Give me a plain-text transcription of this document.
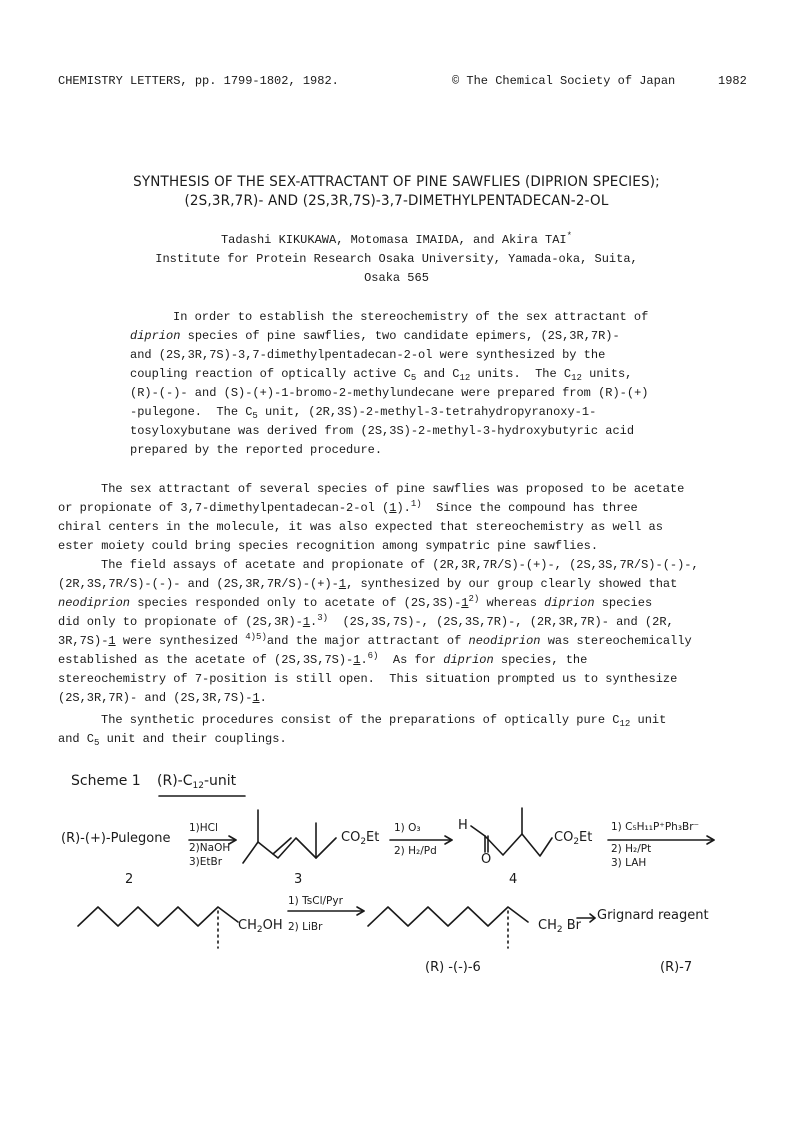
CHEMISTRY LETTERS, pp. 1799-1802, 1982.	© The Chemical Society of Japan	1982
SYNTHESIS OF THE SEX-ATTRACTANT OF PINE SAWFLIES (DIPRION SPECIES);
(2S,3R,7R)- AND (2S,3R,7S)-3,7-DIMETHYLPENTADECAN-2-OL
Tadashi KIKUKAWA, Motomasa IMAIDA, and Akira TAI*
Institute for Protein Research Osaka University, Yamada-oka, Suita,
Osaka 565
In order to establish the stereochemistry of the sex attractant of
diprion species of pine sawflies, two candidate epimers, (2S,3R,7R)-
and (2S,3R,7S)-3,7-dimethylpentadecan-2-ol were synthesized by the
coupling reaction of optically active $C_5$ and $C_{12}$ units.  The $C_{12}$ units,
(R)-(-)- and (S)-(+)-1-bromo-2-methylundecane were prepared from (R)-(+)
-pulegone.  The $C_5$ unit, (2R,3S)-2-methyl-3-tetrahydropyranoxy-1-
tosyloxybutane was derived from (2S,3S)-2-methyl-3-hydroxybutyric acid
prepared by the reported procedure.
The sex attractant of several species of pine sawflies was proposed to be acetate
or propionate of 3,7-dimethylpentadecan-2-ol (1).$^{1)}$  Since the compound has three
chiral centers in the molecule, it was also expected that stereochemistry as well as
ester moiety could bring species recognition among sympatric pine sawflies.
The field assays of acetate and propionate of (2R,3R,7R/S)-(+)-, (2S,3S,7R/S)-(-)-,
(2R,3S,7R/S)-(-)- and (2S,3R,7R/S)-(+)-1, synthesized by our group clearly showed that
neodiprion species responded only to acetate of (2S,3S)-1$^{2)}$ whereas diprion species
did only to propionate of (2S,3R)-1.$^{3)}$  (2S,3S,7S)-, (2S,3S,7R)-, (2R,3R,7R)- and (2R,
3R,7S)-1 were synthesized $^{4)5)}$and the major attractant of neodiprion was stereochemically
established as the acetate of (2S,3S,7S)-1.$^{6)}$  As for diprion species, the
stereochemistry of 7-position is still open.  This situation prompted us to synthesize
(2S,3R,7R)- and (2S,3R,7S)-1.
The synthetic procedures consist of the preparations of optically pure $C_{12}$ unit
and $C_5$ unit and their couplings.
Scheme 1 $(R)-C_{12}$-unit
(R)-(+)-Pulegone
1)HCl
2)NaOH
3)EtBr
$CO_2Et$
1) O₃
2) H₂/Pd
H
O
$CO_2Et$
1) C₅H₁₁P⁺Ph₃Br⁻
2) H₂/Pt
3) LAH
2	3	4
$CH_2OH$
1) TsCl/Pyr
2) LiBr	$CH_2$ Br
Grignard reagent
(R) -(-)-6	(R)-7
